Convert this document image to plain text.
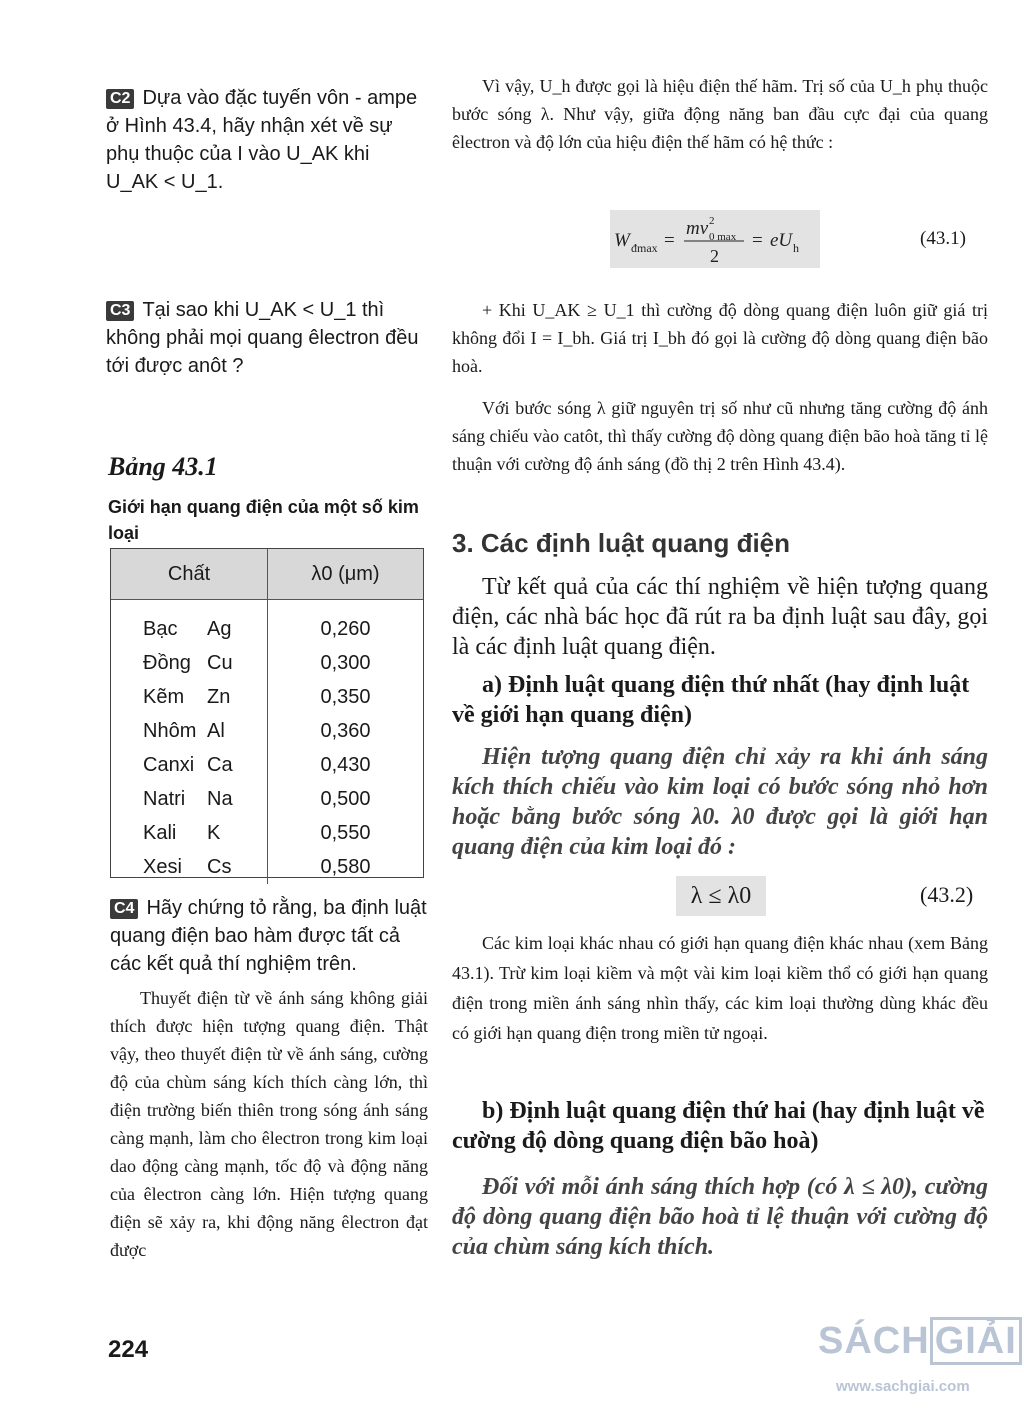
C2 Dựa vào đặc tuyến vôn - ampe ở Hình 43.4, hãy nhận xét về sự phụ thuộc của I vào U_AK khi U_AK < U_1.
C3 Tại sao khi U_AK < U_1 thì không phải mọi quang êlectron đều tới được anôt ?
Bảng 43.1
Giới hạn quang điện của một số kim loại
Chất	λ0 (μm)

Bạc Ag	0,260
Đồng Cu	0,300
Kẽm Zn	0,350
Nhôm Al	0,360
Canxi Ca	0,430
Natri Na	0,500
Kali K	0,550
Xesi Cs	0,580
C4 Hãy chứng tỏ rằng, ba định luật quang điện bao hàm được tất cả các kết quả thí nghiệm trên.
Thuyết điện từ về ánh sáng không giải thích được hiện tượng quang điện. Thật vậy, theo thuyết điện từ về ánh sáng, cường độ của chùm sáng kích thích càng lớn, thì điện trường biến thiên trong sóng ánh sáng càng mạnh, làm cho êlectron trong kim loại dao động càng mạnh, tốc độ và động năng của êlectron càng lớn. Hiện tượng quang điện sẽ xảy ra, khi động năng êlectron đạt được
224
Vì vậy, U_h được gọi là hiệu điện thế hãm. Trị số của U_h phụ thuộc bước sóng λ. Như vậy, giữa động năng ban đầu cực đại của quang êlectron và độ lớn của hiệu điện thế hãm có hệ thức :
W đmax =
mv 0 max
2
2
= eU h	(43.1)
+ Khi U_AK ≥ U_1 thì cường độ dòng quang điện luôn giữ giá trị không đổi I = I_bh. Giá trị I_bh đó gọi là cường độ dòng quang điện bão hoà.
Với bước sóng λ giữ nguyên trị số như cũ nhưng tăng cường độ ánh sáng chiếu vào catôt, thì thấy cường độ dòng quang điện bão hoà tăng tỉ lệ thuận với cường độ ánh sáng (đồ thị 2 trên Hình 43.4).
3. Các định luật quang điện
Từ kết quả của các thí nghiệm về hiện tượng quang điện, các nhà bác học đã rút ra ba định luật sau đây, gọi là các định luật quang điện.
a) Định luật quang điện thứ nhất (hay định luật về giới hạn quang điện)
Hiện tượng quang điện chỉ xảy ra khi ánh sáng kích thích chiếu vào kim loại có bước sóng nhỏ hơn hoặc bằng bước sóng λ0. λ0 được gọi là giới hạn quang điện của kim loại đó :
λ ≤ λ0	(43.2)
Các kim loại khác nhau có giới hạn quang điện khác nhau (xem Bảng 43.1). Trừ kim loại kiềm và một vài kim loại kiềm thổ có giới hạn quang điện trong miền ánh sáng nhìn thấy, các kim loại thường dùng khác đều có giới hạn quang điện trong miền tử ngoại.
b) Định luật quang điện thứ hai (hay định luật về cường độ dòng quang điện bão hoà)
Đối với mỗi ánh sáng thích hợp (có λ ≤ λ0), cường độ dòng quang điện bão hoà tỉ lệ thuận với cường độ của chùm sáng kích thích.
SÁCH GIẢI
www.sachgiai.com
